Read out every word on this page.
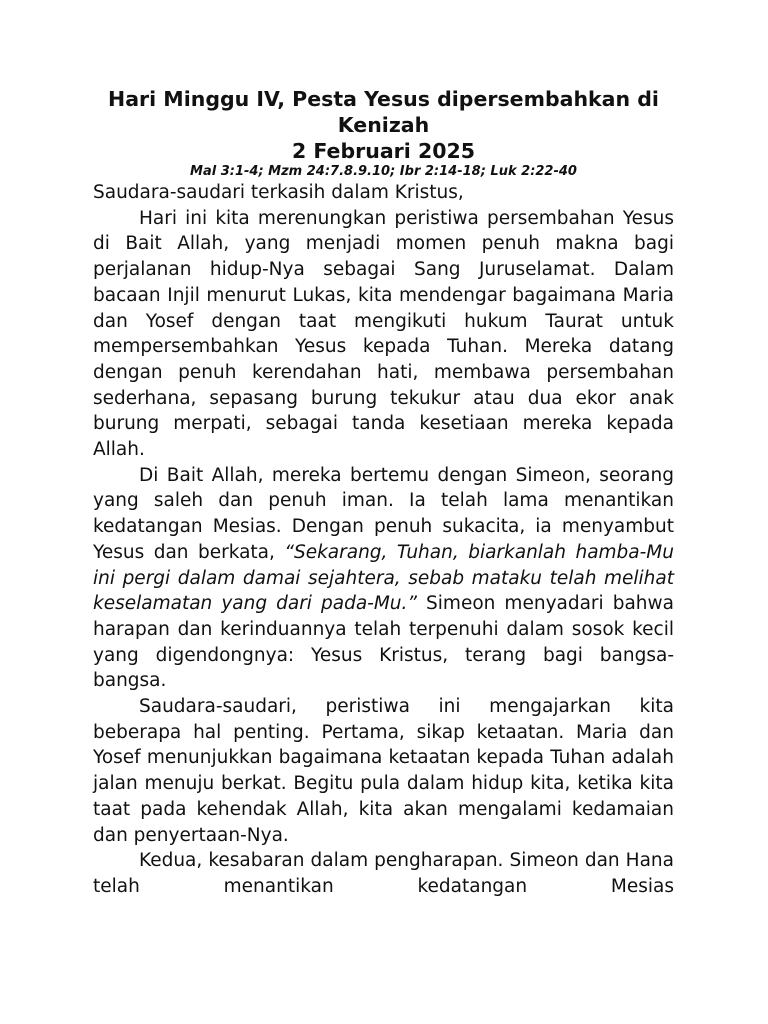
Hari Minggu IV, Pesta Yesus dipersembahkan di Kenizah
2 Februari 2025

Mal 3:1-4; Mzm 24:7.8.9.10; Ibr 2:14-18; Luk 2:22-40

Saudara-saudari terkasih dalam Kristus,

Hari ini kita merenungkan peristiwa persembahan Yesus di Bait Allah, yang menjadi momen penuh makna bagi perjalanan hidup-Nya sebagai Sang Juruselamat. Dalam bacaan Injil menurut Lukas, kita mendengar bagaimana Maria dan Yosef dengan taat mengikuti hukum Taurat untuk mempersembahkan Yesus kepada Tuhan. Mereka datang dengan penuh kerendahan hati, membawa persembahan sederhana, sepasang burung tekukur atau dua ekor anak burung merpati, sebagai tanda kesetiaan mereka kepada Allah.

Di Bait Allah, mereka bertemu dengan Simeon, seorang yang saleh dan penuh iman. Ia telah lama menantikan kedatangan Mesias. Dengan penuh sukacita, ia menyambut Yesus dan berkata, “Sekarang, Tuhan, biarkanlah hamba-Mu ini pergi dalam damai sejahtera, sebab mataku telah melihat keselamatan yang dari pada-Mu.” Simeon menyadari bahwa harapan dan kerinduannya telah terpenuhi dalam sosok kecil yang digendongnya: Yesus Kristus, terang bagi bangsa-bangsa.

Saudara-saudari, peristiwa ini mengajarkan kita beberapa hal penting. Pertama, sikap ketaatan. Maria dan Yosef menunjukkan bagaimana ketaatan kepada Tuhan adalah jalan menuju berkat. Begitu pula dalam hidup kita, ketika kita taat pada kehendak Allah, kita akan mengalami kedamaian dan penyertaan-Nya.

Kedua, kesabaran dalam pengharapan. Simeon dan Hana telah menantikan kedatangan Mesias
